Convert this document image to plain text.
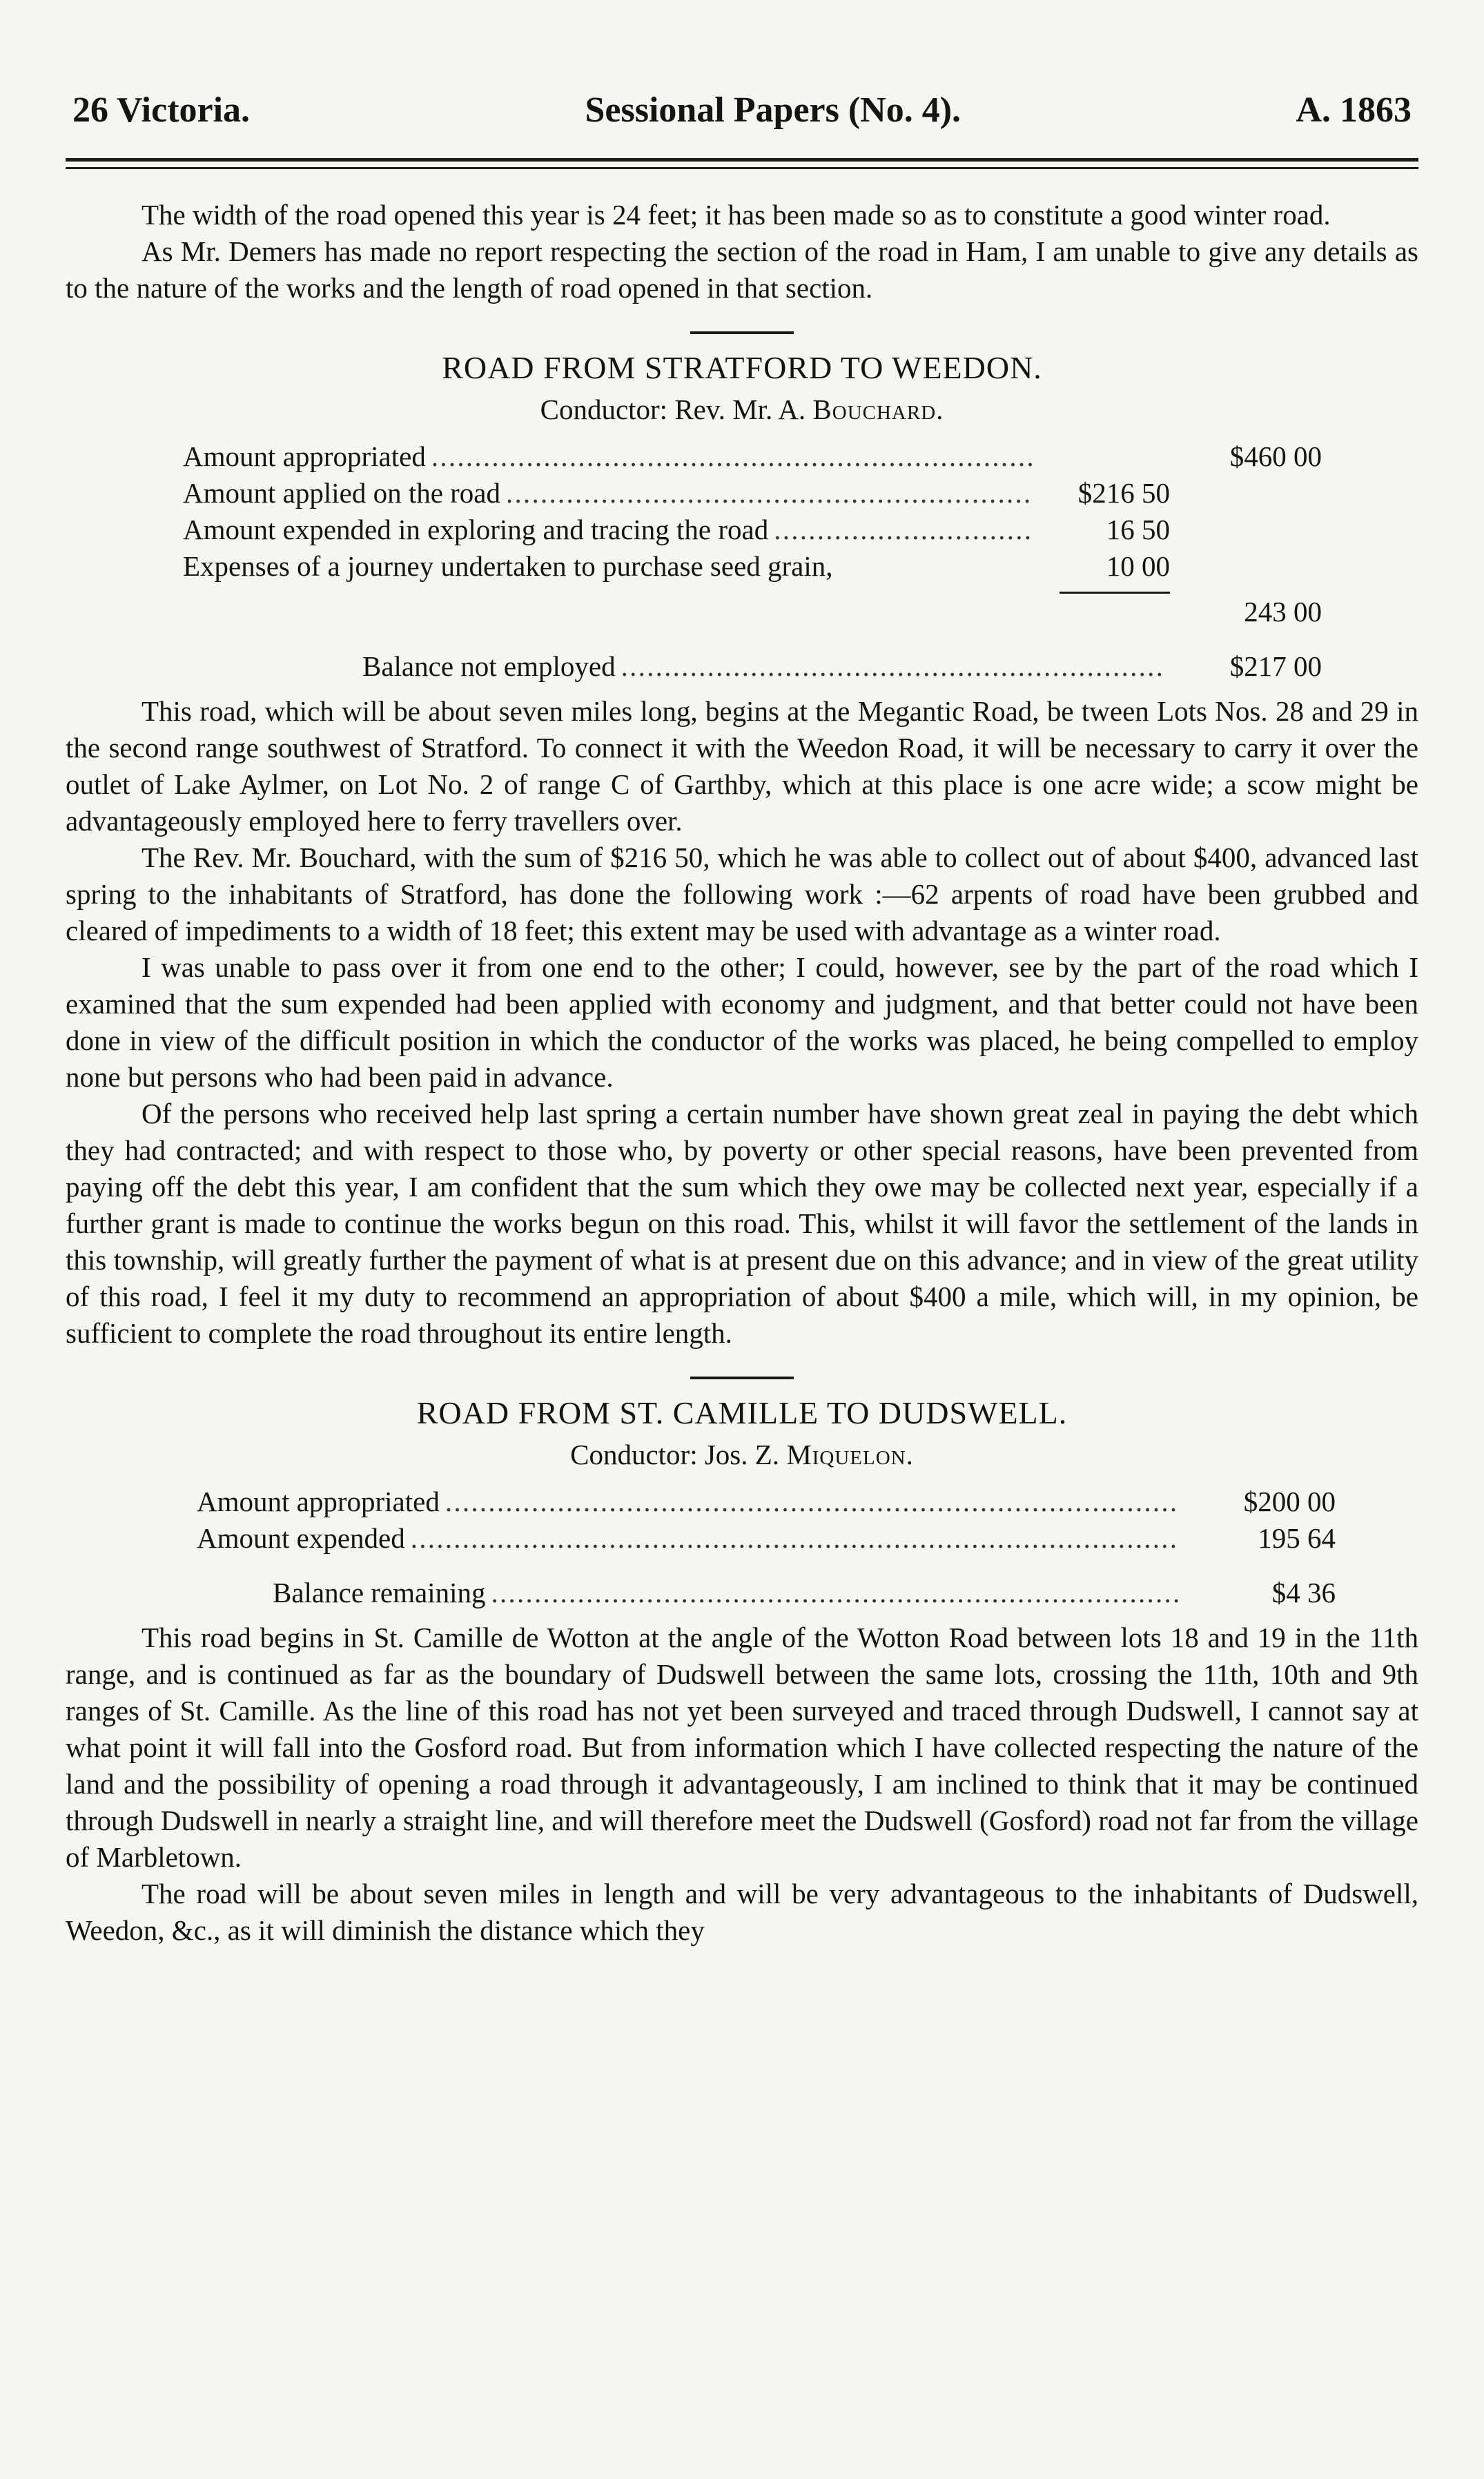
26 Victoria.	Sessional Papers (No. 4).	A. 1863

The width of the road opened this year is 24 feet; it has been made so as to constitute a good winter road.

As Mr. Demers has made no report respecting the section of the road in Ham, I am unable to give any details as to the nature of the works and the length of road opened in that section.

ROAD FROM STRATFORD TO WEEDON.
Conductor: Rev. Mr. A. Bouchard.
Amount appropriated . . .	$460 00
Amount applied on the road . . .	$216 50
Amount expended in exploring and tracing the road . . .	16 50
Expenses of a journey undertaken to purchase seed grain,	10 00
243 00
Balance not employed . . .	$217 00

This road, which will be about seven miles long, begins at the Megantic Road, be tween Lots Nos. 28 and 29 in the second range southwest of Stratford. To connect it with the Weedon Road, it will be necessary to carry it over the outlet of Lake Aylmer, on Lot No. 2 of range C of Garthby, which at this place is one acre wide; a scow might be advantageously employed here to ferry travellers over.

The Rev. Mr. Bouchard, with the sum of $216 50, which he was able to collect out of about $400, advanced last spring to the inhabitants of Stratford, has done the following work :—62 arpents of road have been grubbed and cleared of impediments to a width of 18 feet; this extent may be used with advantage as a winter road.

I was unable to pass over it from one end to the other; I could, however, see by the part of the road which I examined that the sum expended had been applied with economy and judgment, and that better could not have been done in view of the difficult position in which the conductor of the works was placed, he being compelled to employ none but persons who had been paid in advance.

Of the persons who received help last spring a certain number have shown great zeal in paying the debt which they had contracted; and with respect to those who, by poverty or other special reasons, have been prevented from paying off the debt this year, I am confident that the sum which they owe may be collected next year, especially if a further grant is made to continue the works begun on this road. This, whilst it will favor the settlement of the lands in this township, will greatly further the payment of what is at present due on this advance; and in view of the great utility of this road, I feel it my duty to recommend an appropriation of about $400 a mile, which will, in my opinion, be sufficient to complete the road throughout its entire length.

ROAD FROM ST. CAMILLE TO DUDSWELL.
Conductor: Jos. Z. Miquelon.
Amount appropriated . . .	$200 00
Amount expended . . .	195 64
Balance remaining . . .	$4 36

This road begins in St. Camille de Wotton at the angle of the Wotton Road between lots 18 and 19 in the 11th range, and is continued as far as the boundary of Dudswell between the same lots, crossing the 11th, 10th and 9th ranges of St. Camille. As the line of this road has not yet been surveyed and traced through Dudswell, I cannot say at what point it will fall into the Gosford road. But from information which I have collected respecting the nature of the land and the possibility of opening a road through it advantageously, I am inclined to think that it may be continued through Dudswell in nearly a straight line, and will therefore meet the Dudswell (Gosford) road not far from the village of Marbletown.

The road will be about seven miles in length and will be very advantageous to the inhabitants of Dudswell, Weedon, &c., as it will diminish the distance which they
